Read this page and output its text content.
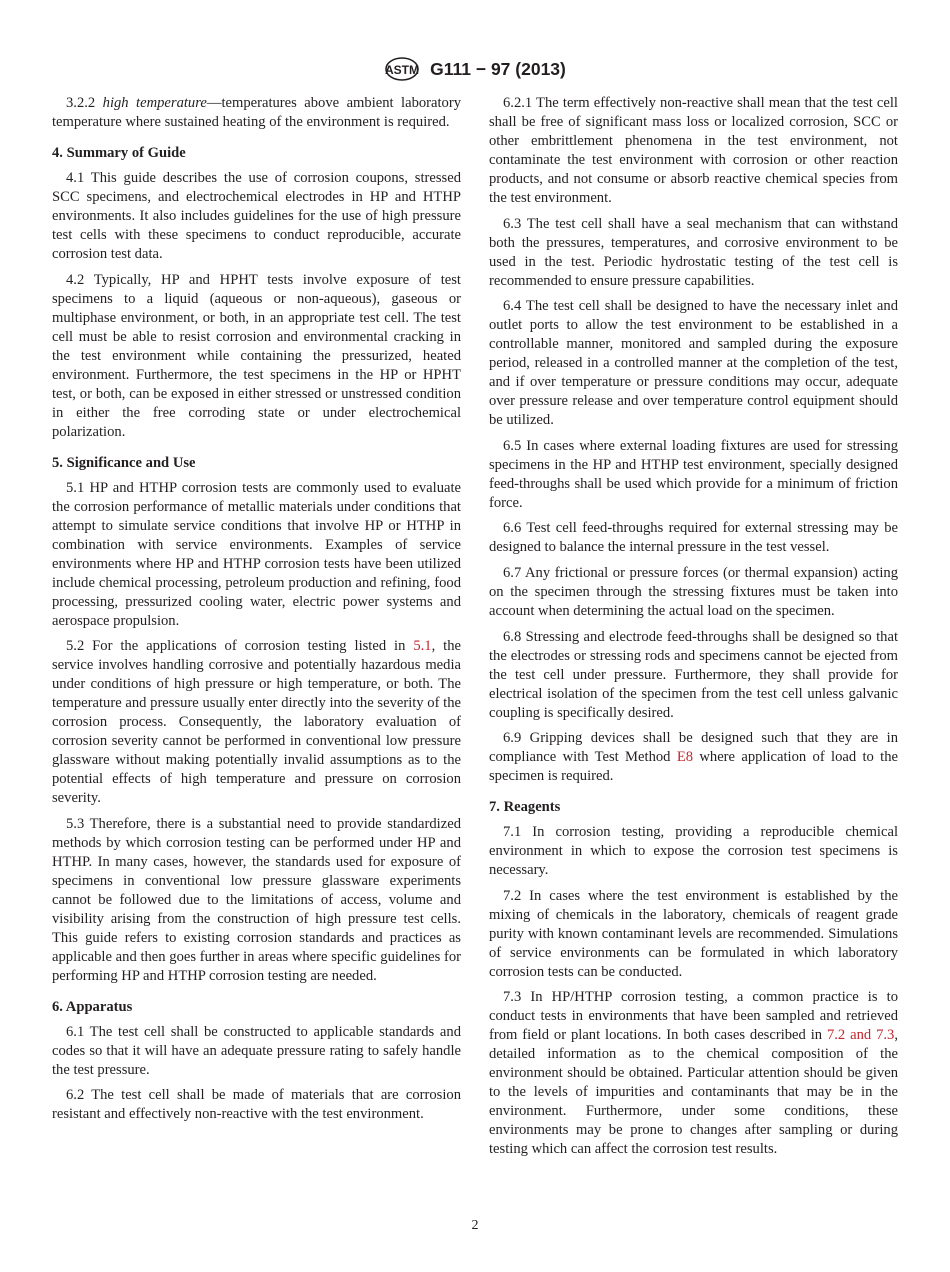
ASTM G111 − 97 (2013)
3.2.2 high temperature—temperatures above ambient laboratory temperature where sustained heating of the environment is required.
4. Summary of Guide
4.1 This guide describes the use of corrosion coupons, stressed SCC specimens, and electrochemical electrodes in HP and HTHP environments. It also includes guidelines for the use of high pressure test cells with these specimens to conduct reproducible, accurate corrosion test data.
4.2 Typically, HP and HPHT tests involve exposure of test specimens to a liquid (aqueous or non-aqueous), gaseous or multiphase environment, or both, in an appropriate test cell. The test cell must be able to resist corrosion and environmental cracking in the test environment while containing the pressurized, heated environment. Furthermore, the test specimens in the HP or HPHT test, or both, can be exposed in either stressed or unstressed condition in either the free corroding state or under electrochemical polarization.
5. Significance and Use
5.1 HP and HTHP corrosion tests are commonly used to evaluate the corrosion performance of metallic materials under conditions that attempt to simulate service conditions that involve HP or HTHP in combination with service environments. Examples of service environments where HP and HTHP corrosion tests have been utilized include chemical processing, petroleum production and refining, food processing, pressurized cooling water, electric power systems and aerospace propulsion.
5.2 For the applications of corrosion testing listed in 5.1, the service involves handling corrosive and potentially hazardous media under conditions of high pressure or high temperature, or both. The temperature and pressure usually enter directly into the severity of the corrosion process. Consequently, the laboratory evaluation of corrosion severity cannot be performed in conventional low pressure glassware without making potentially invalid assumptions as to the potential effects of high temperature and pressure on corrosion severity.
5.3 Therefore, there is a substantial need to provide standardized methods by which corrosion testing can be performed under HP and HTHP. In many cases, however, the standards used for exposure of specimens in conventional low pressure glassware experiments cannot be followed due to the limitations of access, volume and visibility arising from the construction of high pressure test cells. This guide refers to existing corrosion standards and practices as applicable and then goes further in areas where specific guidelines for performing HP and HTHP corrosion testing are needed.
6. Apparatus
6.1 The test cell shall be constructed to applicable standards and codes so that it will have an adequate pressure rating to safely handle the test pressure.
6.2 The test cell shall be made of materials that are corrosion resistant and effectively non-reactive with the test environment.
6.2.1 The term effectively non-reactive shall mean that the test cell shall be free of significant mass loss or localized corrosion, SCC or other embrittlement phenomena in the test environment, not contaminate the test environment with corrosion or other reaction products, and not consume or absorb reactive chemical species from the test environment.
6.3 The test cell shall have a seal mechanism that can withstand both the pressures, temperatures, and corrosive environment to be used in the test. Periodic hydrostatic testing of the test cell is recommended to ensure pressure capabilities.
6.4 The test cell shall be designed to have the necessary inlet and outlet ports to allow the test environment to be established in a controllable manner, monitored and sampled during the exposure period, released in a controlled manner at the completion of the test, and if over temperature or pressure conditions may occur, adequate over pressure release and over temperature control equipment should be utilized.
6.5 In cases where external loading fixtures are used for stressing specimens in the HP and HTHP test environment, specially designed feed-throughs shall be used which provide for a minimum of friction force.
6.6 Test cell feed-throughs required for external stressing may be designed to balance the internal pressure in the test vessel.
6.7 Any frictional or pressure forces (or thermal expansion) acting on the specimen through the stressing fixtures must be taken into account when determining the actual load on the specimen.
6.8 Stressing and electrode feed-throughs shall be designed so that the electrodes or stressing rods and specimens cannot be ejected from the test cell under pressure. Furthermore, they shall provide for electrical isolation of the specimen from the test cell unless galvanic coupling is specifically desired.
6.9 Gripping devices shall be designed such that they are in compliance with Test Method E8 where application of load to the specimen is required.
7. Reagents
7.1 In corrosion testing, providing a reproducible chemical environment in which to expose the corrosion test specimens is necessary.
7.2 In cases where the test environment is established by the mixing of chemicals in the laboratory, chemicals of reagent grade purity with known contaminant levels are recommended. Simulations of service environments can be formulated in which laboratory corrosion tests can be conducted.
7.3 In HP/HTHP corrosion testing, a common practice is to conduct tests in environments that have been sampled and retrieved from field or plant locations. In both cases described in 7.2 and 7.3, detailed information as to the chemical composition of the environment should be obtained. Particular attention should be given to the levels of impurities and contaminants that may be in the environment. Furthermore, under some conditions, these environments may be prone to changes after sampling or during testing which can affect the corrosion test results.
2
